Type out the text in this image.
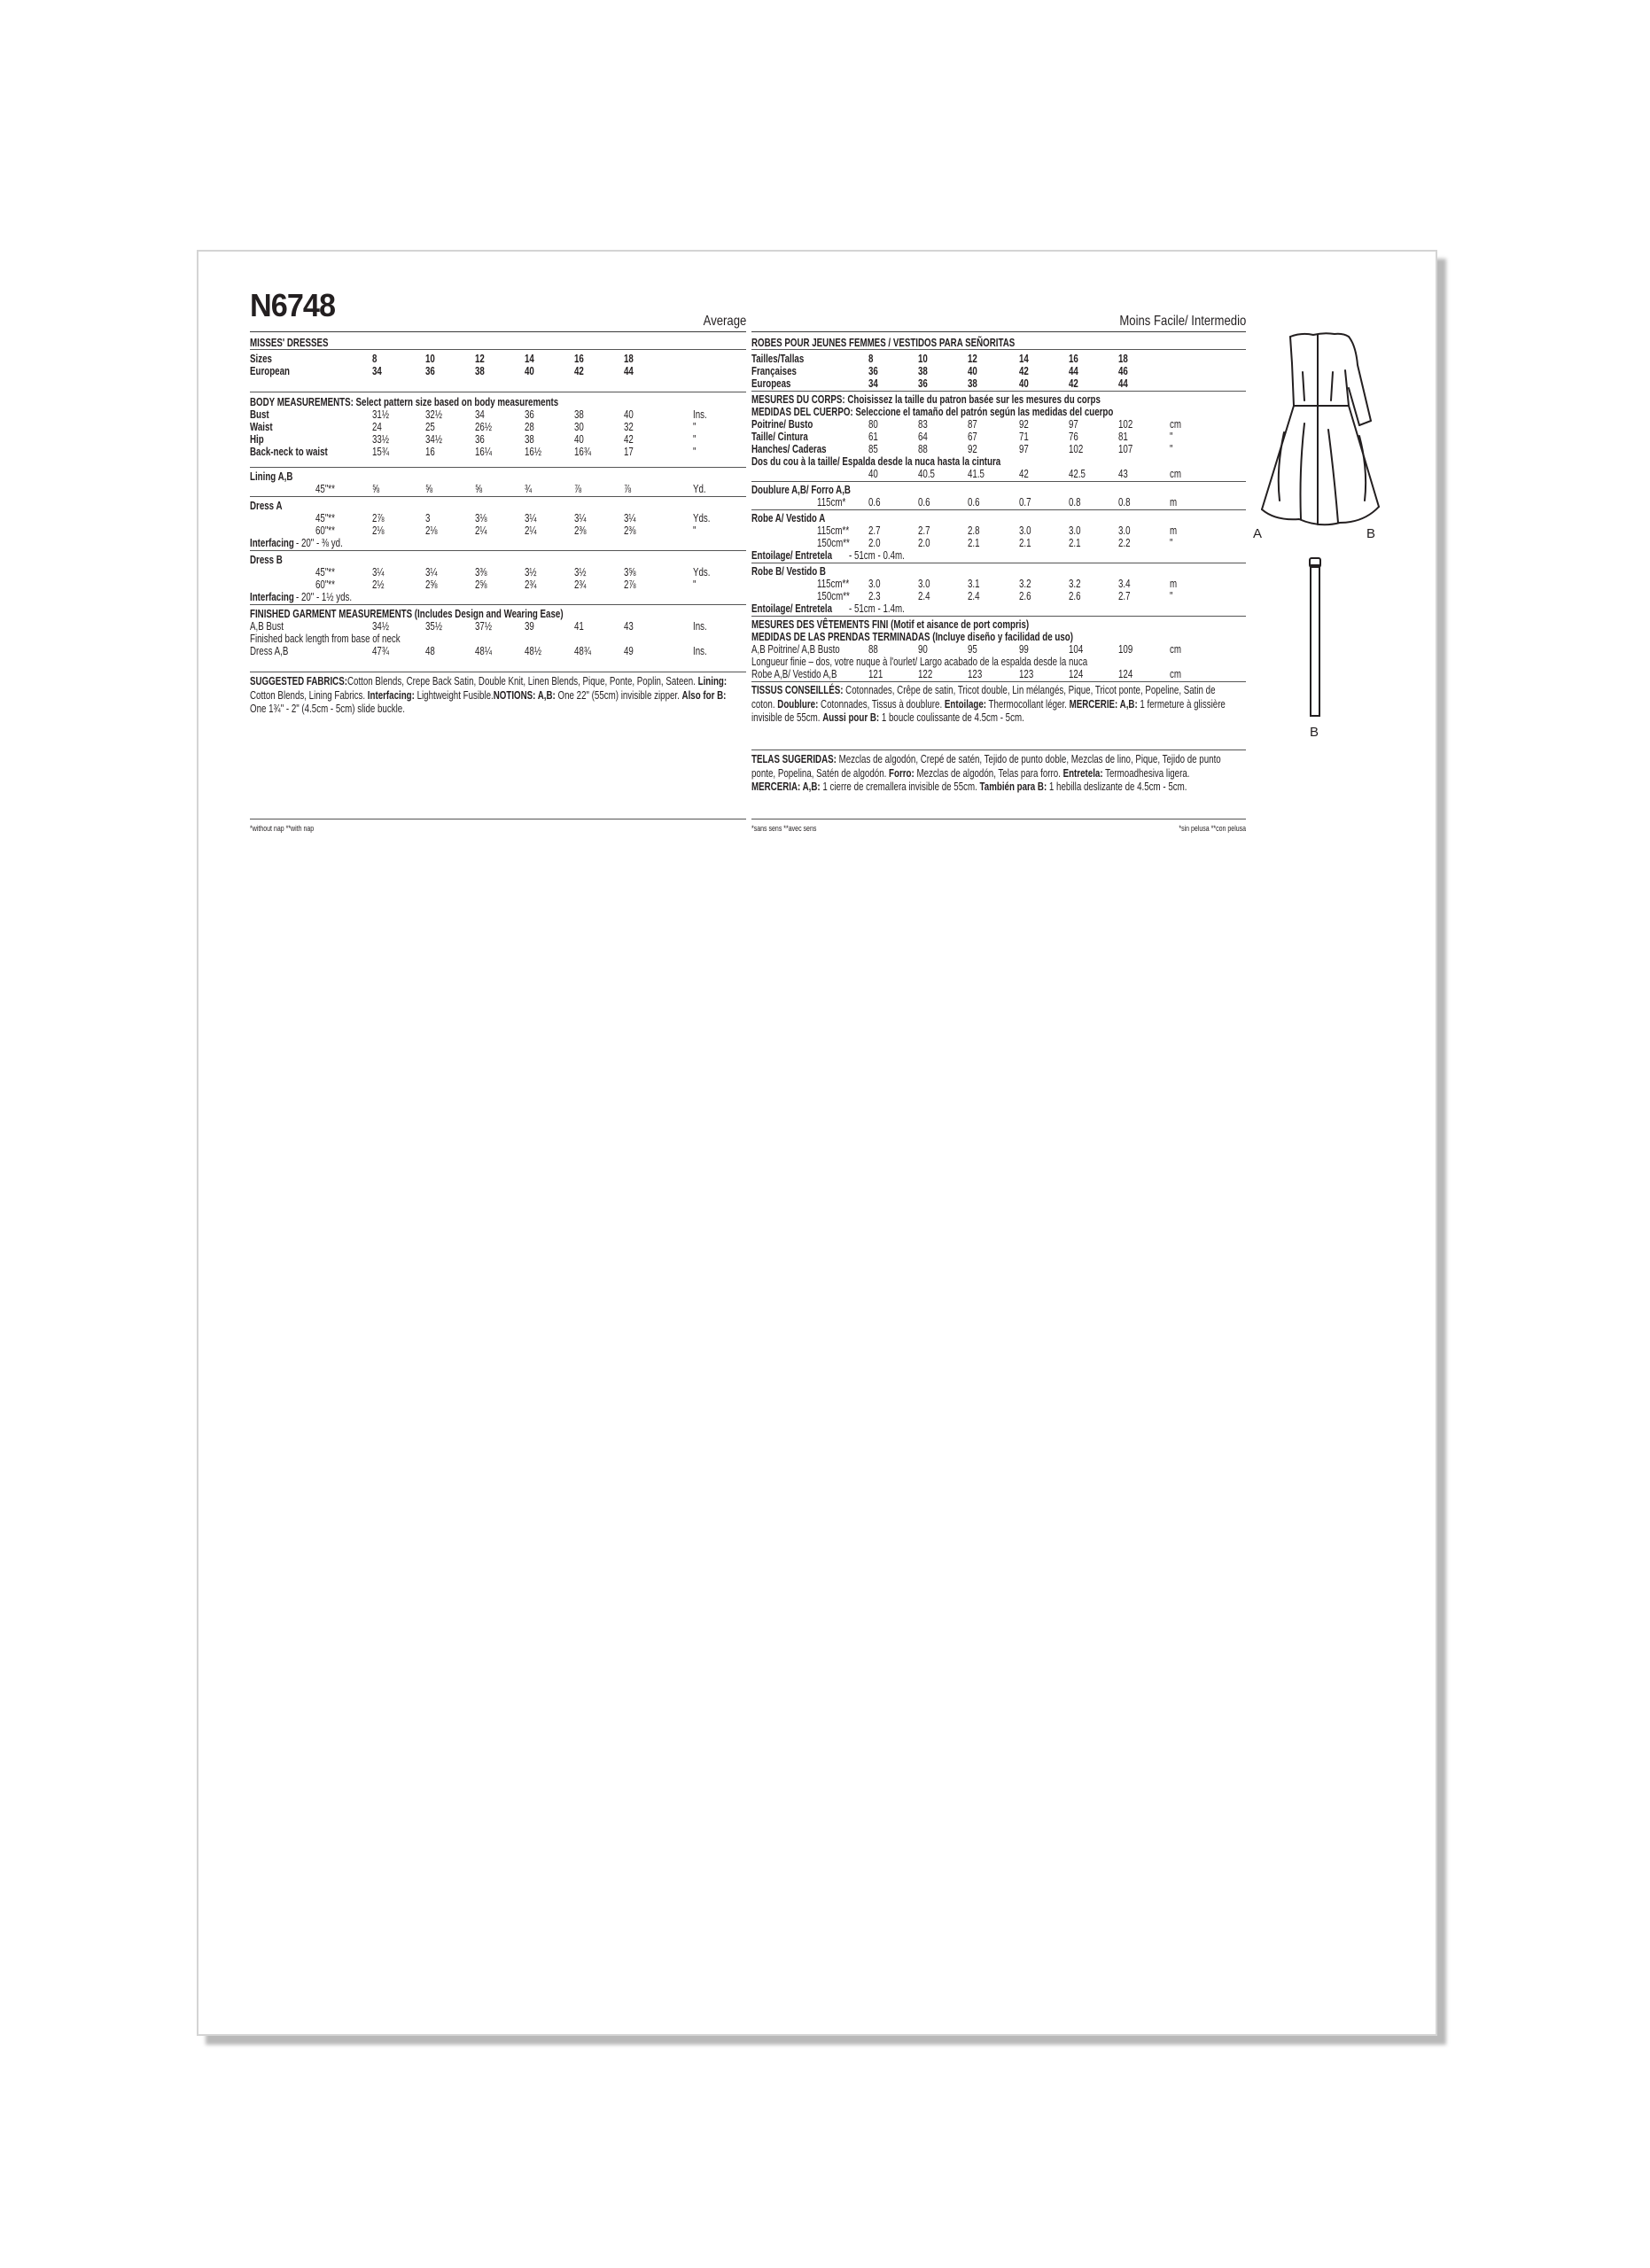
N6748	Average
MISSES' DRESSES
Sizes	8	10	12	14	16	18
European	34	36	38	40	42	44
BODY MEASUREMENTS: Select pattern size based on body measurements
Bust	31½	32½	34	36	38	40	Ins.
Waist	24	25	26½	28	30	32	"
Hip	33½	34½	36	38	40	42	"
Back-neck to waist	15¾	16	16¼	16½	16¾	17	"
Lining A,B
45"**	⅝	⅝	⅝	¾	⅞	⅞	Yd.
Dress A
45"**	2⅞	3	3⅛	3¼	3¼	3¼	Yds.
60"**	2⅛	2⅛	2¼	2¼	2⅜	2⅜	"
Interfacing - 20" - ⅜ yd.
Dress B
45"**	3¼	3¼	3⅜	3½	3½	3⅝	Yds.
60"**	2½	2⅝	2⅝	2¾	2¾	2⅞	"
Interfacing - 20" - 1½ yds.
FINISHED GARMENT MEASUREMENTS (Includes Design and Wearing Ease)
A,B Bust	34½	35½	37½	39	41	43	Ins.
Finished back length from base of neck
Dress A,B	47¾	48	48¼	48½	48¾	49	Ins.
SUGGESTED FABRICS:Cotton Blends, Crepe Back Satin, Double Knit, Linen Blends, Pique, Ponte, Poplin, Sateen. Lining: Cotton Blends, Lining Fabrics. Interfacing: Lightweight Fusible.NOTIONS: A,B: One 22" (55cm) invisible zipper. Also for B: One 1¾" - 2" (4.5cm - 5cm) slide buckle.
*without nap **with nap
Moins Facile/ Intermedio
ROBES POUR JEUNES FEMMES / VESTIDOS PARA SEÑORITAS
Tailles/Tallas	8	10	12	14	16	18
Françaises	36	38	40	42	44	46
Europeas	34	36	38	40	42	44
MESURES DU CORPS: Choisissez la taille du patron basée sur les mesures du corps
MEDIDAS DEL CUERPO: Seleccione el tamaño del patrón según las medidas del cuerpo
Poitrine/ Busto	80	83	87	92	97	102	cm
Taille/ Cintura	61	64	67	71	76	81	"
Hanches/ Caderas	85	88	92	97	102	107	"
Dos du cou à la taille/ Espalda desde la nuca hasta la cintura
40	40.5	41.5	42	42.5	43	cm
Doublure A,B/ Forro A,B
115cm* 0.6	0.6	0.6	0.7	0.8	0.8	m
Robe A/ Vestido A
115cm** 2.7	2.7	2.8	3.0	3.0	3.0	m
150cm** 2.0	2.0	2.1	2.1	2.1	2.2	"
Entoilage/ Entretela - 51cm - 0.4m.
Robe B/ Vestido B
115cm** 3.0	3.0	3.1	3.2	3.2	3.4	m
150cm** 2.3	2.4	2.4	2.6	2.6	2.7	"
Entoilage/ Entretela - 51cm - 1.4m.
MESURES DES VÊTEMENTS FINI (Motif et aisance de port compris)
MEDIDAS DE LAS PRENDAS TERMINADAS (Incluye diseño y facilidad de uso)
A,B Poitrine/ A,B Busto	88	90	95	99	104	109	cm
Longueur finie – dos, votre nuque à l'ourlet/ Largo acabado de la espalda desde la nuca
Robe A,B/ Vestido A,B	121	122	123	123	124	124	cm
TISSUS CONSEILLÉS: Cotonnades, Crêpe de satin, Tricot double, Lin mélangés, Pique, Tricot ponte, Popeline, Satin de coton. Doublure: Cotonnades, Tissus à doublure. Entoilage: Thermocollant léger. MERCERIE: A,B: 1 fermeture à glissière invisible de 55cm. Aussi pour B: 1 boucle coulissante de 4.5cm - 5cm.
TELAS SUGERIDAS: Mezclas de algodón, Crepé de satén, Tejido de punto doble, Mezclas de lino, Pique, Tejido de punto ponte, Popelina, Satén de algodón. Forro: Mezclas de algodón, Telas para forro. Entretela: Termoadhesiva ligera. MERCERIA: A,B: 1 cierre de cremallera invisible de 55cm. También para B: 1 hebilla deslizante de 4.5cm - 5cm.
*sans sens **avec sens	*sin pelusa **con pelusa
A	B
B
